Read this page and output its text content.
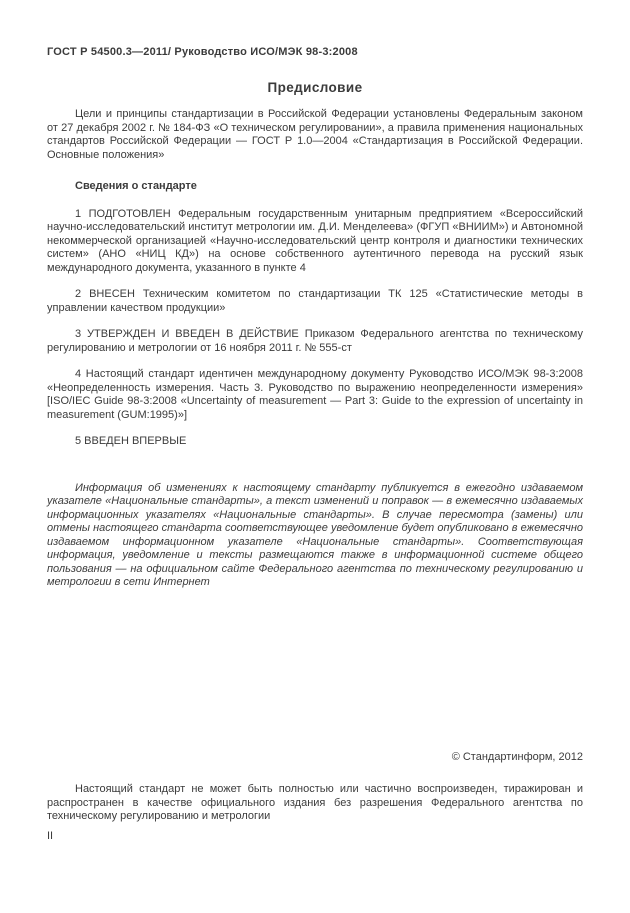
ГОСТ Р 54500.3—2011/ Руководство ИСО/МЭК 98-3:2008
Предисловие

Цели и принципы стандартизации в Российской Федерации установлены Федеральным законом от 27 декабря 2002 г. № 184-ФЗ «О техническом регулировании», а правила применения национальных стандартов Российской Федерации — ГОСТ Р 1.0—2004 «Стандартизация в Российской Федерации. Основные положения»

Сведения о стандарте

1 ПОДГОТОВЛЕН Федеральным государственным унитарным предприятием «Всероссийский научно-исследовательский институт метрологии им. Д.И. Менделеева» (ФГУП «ВНИИМ») и Автономной некоммерческой организацией «Научно-исследовательский центр контроля и диагностики технических систем» (АНО «НИЦ КД») на основе собственного аутентичного перевода на русский язык международного документа, указанного в пункте 4

2 ВНЕСЕН Техническим комитетом по стандартизации ТК 125 «Статистические методы в управлении качеством продукции»

3 УТВЕРЖДЕН И ВВЕДЕН В ДЕЙСТВИЕ Приказом Федерального агентства по техническому регулированию и метрологии от 16 ноября 2011 г. № 555-ст

4 Настоящий стандарт идентичен международному документу Руководство ИСО/МЭК 98-3:2008 «Неопределенность измерения. Часть 3. Руководство по выражению неопределенности измерения» [ISO/IEC Guide 98-3:2008 «Uncertainty of measurement — Part 3: Guide to the expression of uncertainty in measurement (GUM:1995)»]

5 ВВЕДЕН ВПЕРВЫЕ

Информация об изменениях к настоящему стандарту публикуется в ежегодно издаваемом указателе «Национальные стандарты», а текст изменений и поправок — в ежемесячно издаваемых информационных указателях «Национальные стандарты». В случае пересмотра (замены) или отмены настоящего стандарта соответствующее уведомление будет опубликовано в ежемесячно издаваемом информационном указателе «Национальные стандарты». Соответствующая информация, уведомление и тексты размещаются также в информационной системе общего пользования — на официальном сайте Федерального агентства по техническому регулированию и метрологии в сети Интернет

© Стандартинформ, 2012

Настоящий стандарт не может быть полностью или частично воспроизведен, тиражирован и распространен в качестве официального издания без разрешения Федерального агентства по техническому регулированию и метрологии

II
